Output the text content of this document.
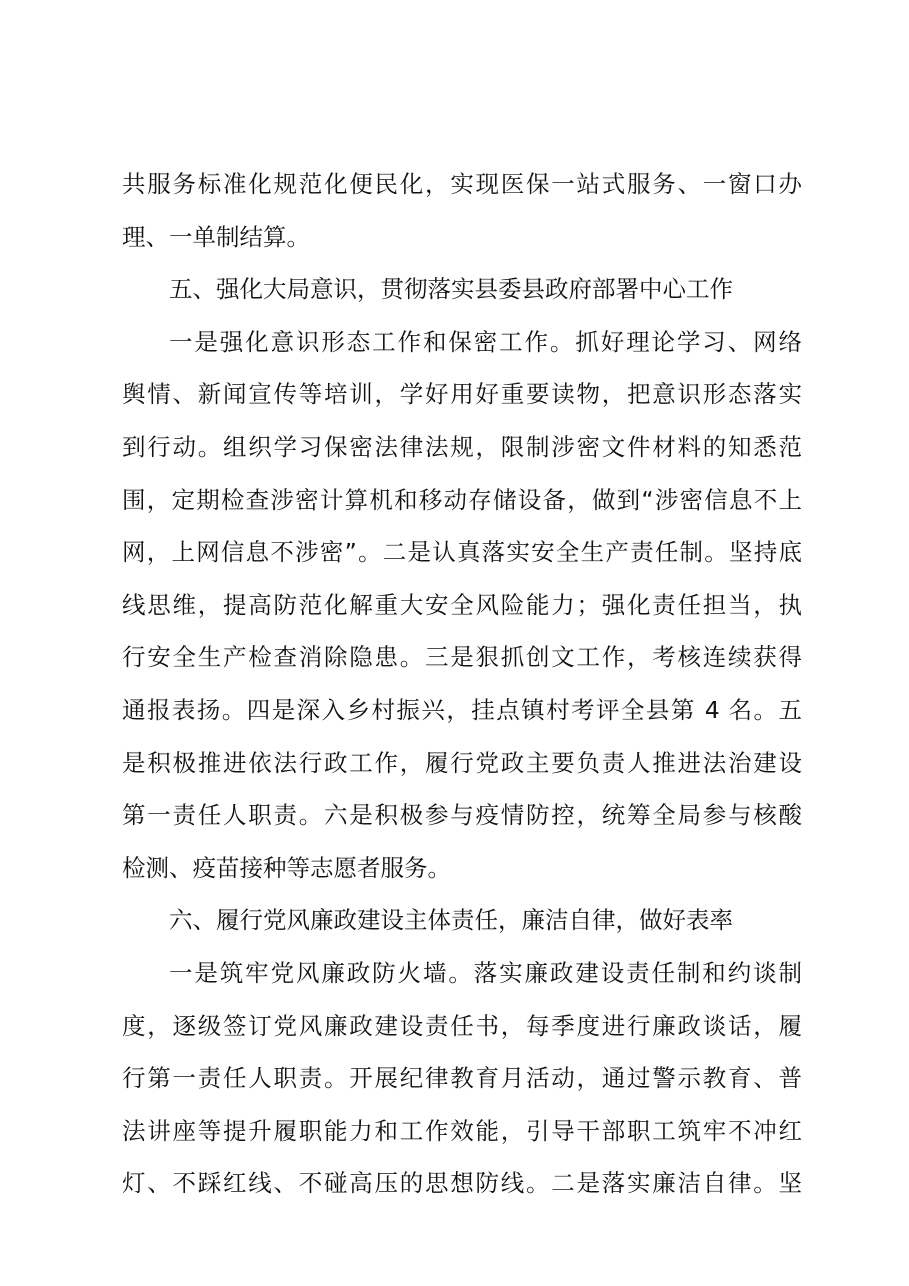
共服务标准化规范化便民化，实现医保一站式服务、一窗口办
理、一单制结算。
五、强化大局意识，贯彻落实县委县政府部署中心工作
一是强化意识形态工作和保密工作。抓好理论学习、网络
舆情、新闻宣传等培训，学好用好重要读物，把意识形态落实
到行动。组织学习保密法律法规，限制涉密文件材料的知悉范
围，定期检查涉密计算机和移动存储设备，做到“涉密信息不上
网，上网信息不涉密”。二是认真落实安全生产责任制。坚持底
线思维，提高防范化解重大安全风险能力；强化责任担当，执
行安全生产检查消除隐患。三是狠抓创文工作，考核连续获得
通报表扬。四是深入乡村振兴，挂点镇村考评全县第 4 名。五
是积极推进依法行政工作，履行党政主要负责人推进法治建设
第一责任人职责。六是积极参与疫情防控，统筹全局参与核酸
检测、疫苗接种等志愿者服务。
六、履行党风廉政建设主体责任，廉洁自律，做好表率
一是筑牢党风廉政防火墙。落实廉政建设责任制和约谈制
度，逐级签订党风廉政建设责任书，每季度进行廉政谈话，履
行第一责任人职责。开展纪律教育月活动，通过警示教育、普
法讲座等提升履职能力和工作效能，引导干部职工筑牢不冲红
灯、不踩红线、不碰高压的思想防线。二是落实廉洁自律。坚
